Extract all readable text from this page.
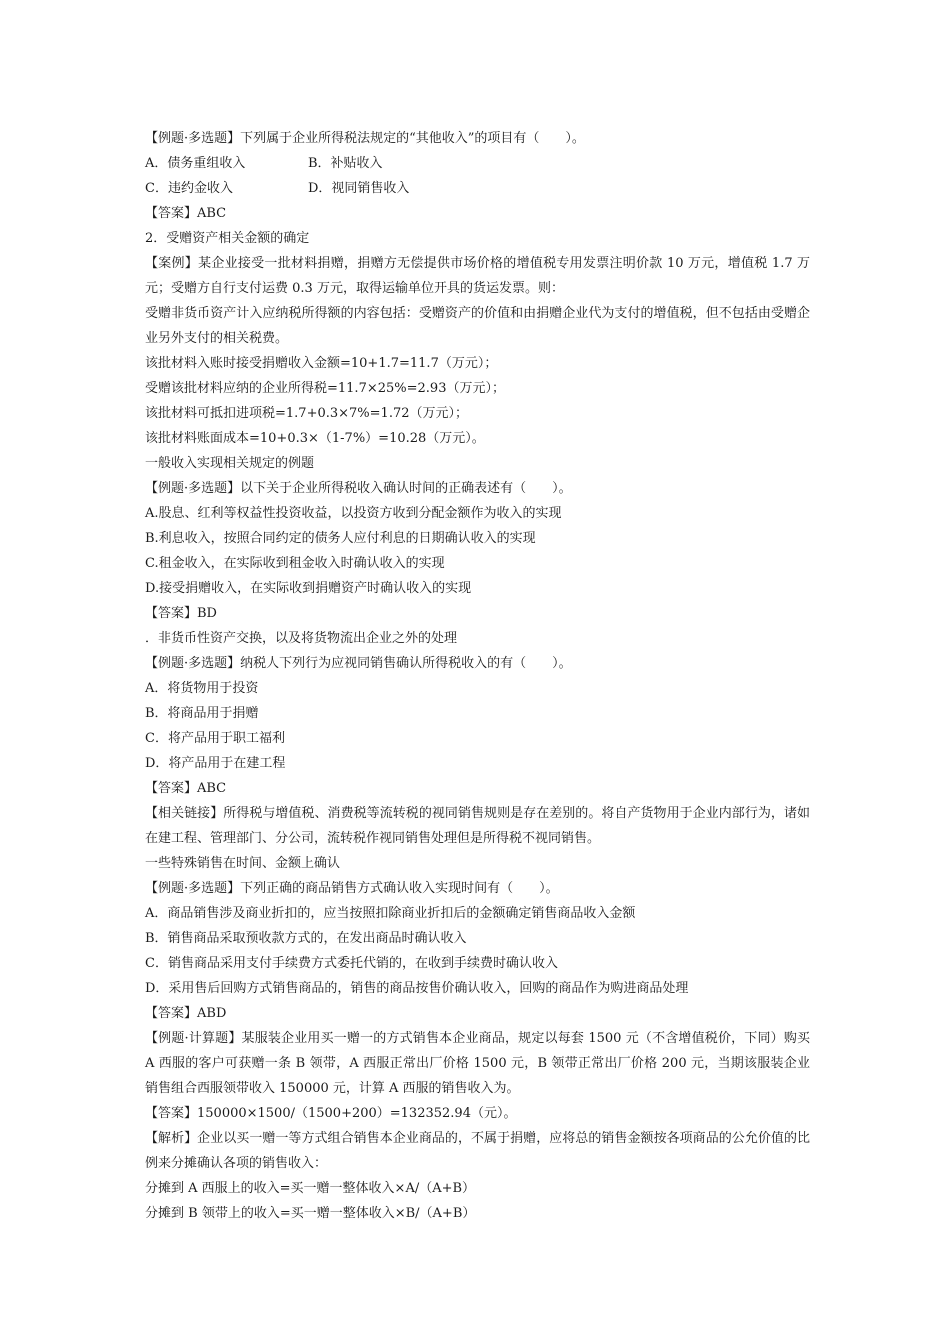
【例题·多选题】下列属于企业所得税法规定的“其他收入”的项目有（　　）。

A．债务重组收入	B．补贴收入
C．违约金收入	D．视同销售收入

【答案】ABC

2．受赠资产相关金额的确定

【案例】某企业接受一批材料捐赠，捐赠方无偿提供市场价格的增值税专用发票注明价款 10 万元，增值税 1.7 万元；受赠方自行支付运费 0.3 万元，取得运输单位开具的货运发票。则：

受赠非货币资产计入应纳税所得额的内容包括：受赠资产的价值和由捐赠企业代为支付的增值税，但不包括由受赠企业另外支付的相关税费。

该批材料入账时接受捐赠收入金额=10+1.7=11.7（万元）；

受赠该批材料应纳的企业所得税=11.7×25%=2.93（万元）；

该批材料可抵扣进项税=1.7+0.3×7%=1.72（万元）；

该批材料账面成本=10+0.3×（1-7%）=10.28（万元）。

一般收入实现相关规定的例题

【例题·多选题】以下关于企业所得税收入确认时间的正确表述有（　　）。

A.股息、红利等权益性投资收益，以投资方收到分配金额作为收入的实现

B.利息收入，按照合同约定的债务人应付利息的日期确认收入的实现

C.租金收入，在实际收到租金收入时确认收入的实现

D.接受捐赠收入，在实际收到捐赠资产时确认收入的实现

【答案】BD

．非货币性资产交换，以及将货物流出企业之外的处理

【例题·多选题】纳税人下列行为应视同销售确认所得税收入的有（　　）。

A．将货物用于投资

B．将商品用于捐赠

C．将产品用于职工福利

D．将产品用于在建工程

【答案】ABC

【相关链接】所得税与增值税、消费税等流转税的视同销售规则是存在差别的。将自产货物用于企业内部行为，诸如在建工程、管理部门、分公司，流转税作视同销售处理但是所得税不视同销售。

一些特殊销售在时间、金额上确认

【例题·多选题】下列正确的商品销售方式确认收入实现时间有（　　）。

A．商品销售涉及商业折扣的，应当按照扣除商业折扣后的金额确定销售商品收入金额

B．销售商品采取预收款方式的，在发出商品时确认收入

C．销售商品采用支付手续费方式委托代销的，在收到手续费时确认收入

D．采用售后回购方式销售商品的，销售的商品按售价确认收入，回购的商品作为购进商品处理

【答案】ABD

【例题·计算题】某服装企业用买一赠一的方式销售本企业商品，规定以每套 1500 元（不含增值税价，下同）购买 A 西服的客户可获赠一条 B 领带，A 西服正常出厂价格 1500 元，B 领带正常出厂价格 200 元，当期该服装企业销售组合西服领带收入 150000 元，计算 A 西服的销售收入为。

【答案】150000×1500/（1500+200）=132352.94（元）。

【解析】企业以买一赠一等方式组合销售本企业商品的，不属于捐赠，应将总的销售金额按各项商品的公允价值的比例来分摊确认各项的销售收入：

分摊到 A 西服上的收入=买一赠一整体收入×A/（A+B）

分摊到 B 领带上的收入=买一赠一整体收入×B/（A+B）
